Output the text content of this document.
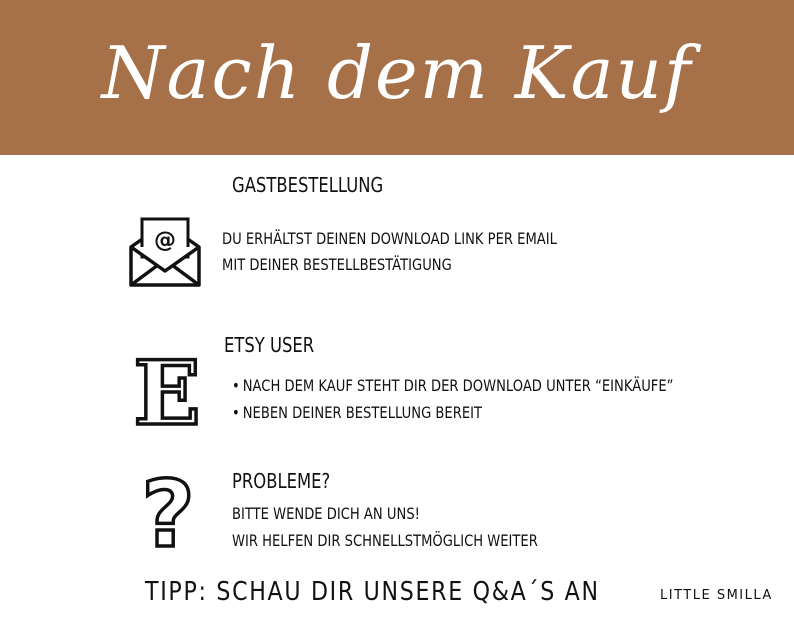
Nach dem Kauf
GASTBESTELLUNG
@	DU ERHÄLTST DEINEN DOWNLOAD LINK PER EMAIL
MIT DEINER BESTELLBESTÄTIGUNG
ETSY USER
E • NACH DEM KAUF STEHT DIR DER DOWNLOAD UNTER “EINKÄUFE”
• NEBEN DEINER BESTELLUNG BEREIT
PROBLEME?
? BITTE WENDE DICH AN UNS!
WIR HELFEN DIR SCHNELLSTMÖGLICH WEITER
TIPP: SCHAU DIR UNSERE Q&A´S AN	LITTLE SMILLA
